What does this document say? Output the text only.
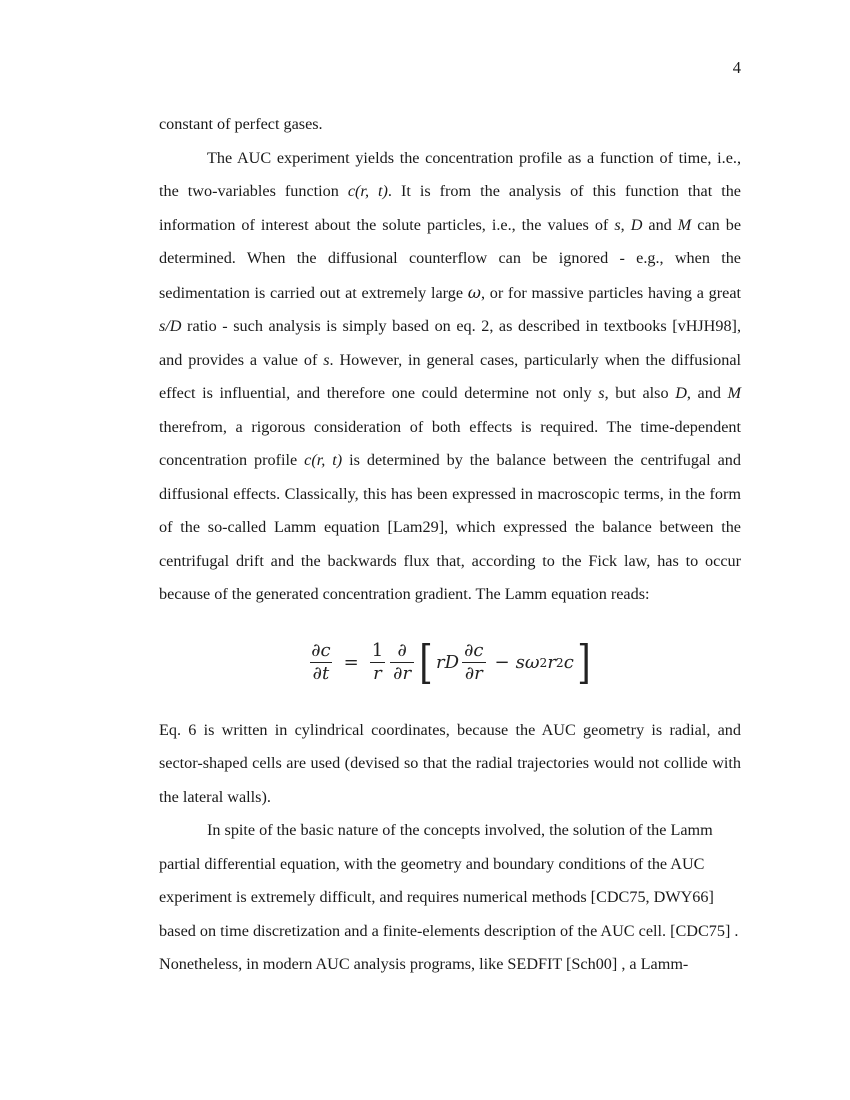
4

constant of perfect gases.

The AUC experiment yields the concentration profile as a function of time, i.e., the two-variables function c(r, t). It is from the analysis of this function that the information of interest about the solute particles, i.e., the values of s, D and M can be determined. When the diffusional counterflow can be ignored - e.g., when the sedimentation is carried out at extremely large ω, or for massive particles having a great s/D ratio - such analysis is simply based on eq. 2, as described in textbooks [vHJH98], and provides a value of s. However, in general cases, particularly when the diffusional effect is influential, and therefore one could determine not only s, but also D, and M therefrom, a rigorous consideration of both effects is required. The time-dependent concentration profile c(r, t) is determined by the balance between the centrifugal and diffusional effects. Classically, this has been expressed in macroscopic terms, in the form of the so-called Lamm equation [Lam29], which expressed the balance between the centrifugal drift and the backwards flux that, according to the Fick law, has to occur because of the generated concentration gradient. The Lamm equation reads:

$\frac{\partial c}{\partial t} = \frac{1}{r} \frac{\partial}{\partial r}$ [ rD $\frac{\partial c}{\partial r} - s$ ω 2 r 2 c ]

Eq. 6 is written in cylindrical coordinates, because the AUC geometry is radial, and sector-shaped cells are used (devised so that the radial trajectories would not collide with the lateral walls).

In spite of the basic nature of the concepts involved, the solution of the Lamm partial differential equation, with the geometry and boundary conditions of the AUC experiment is extremely difficult, and requires numerical methods [CDC75, DWY66] based on time discretization and a finite-elements description of the AUC cell. [CDC75] . Nonetheless, in modern AUC analysis programs, like SEDFIT [Sch00] , a Lamm-
